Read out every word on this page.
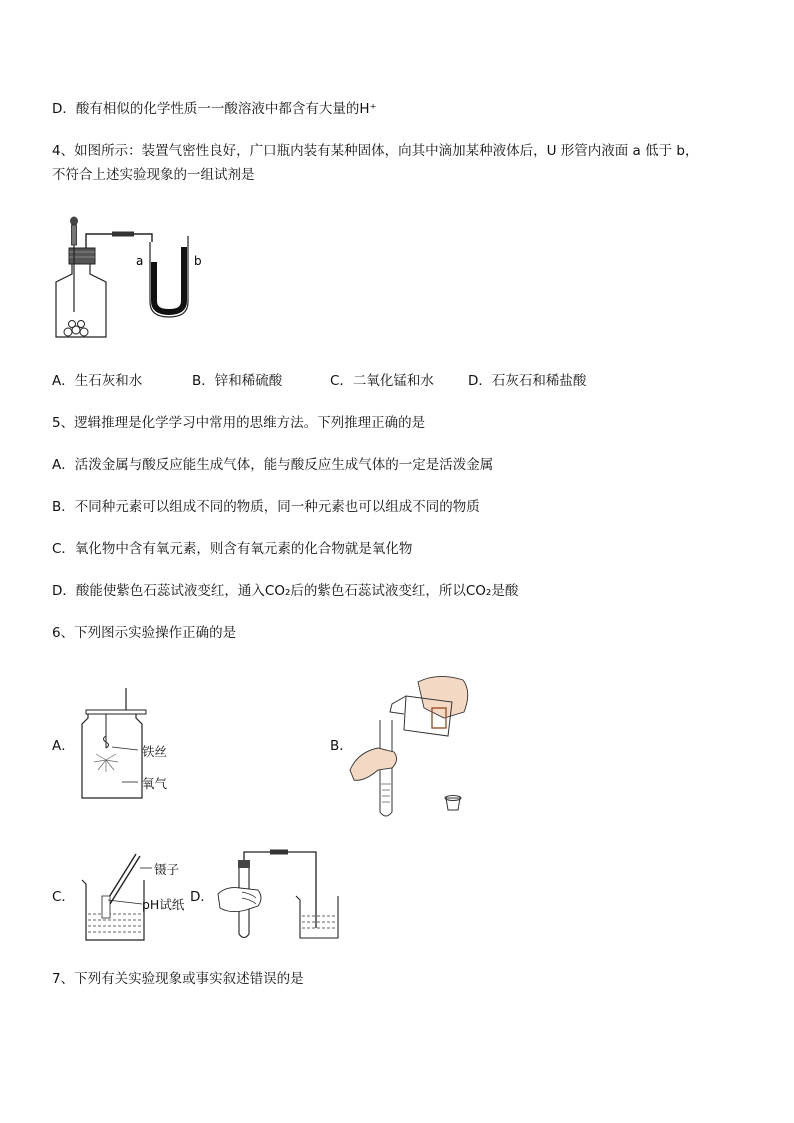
D．酸有相似的化学性质一一酸溶液中都含有大量的H⁺
4、如图所示：装置气密性良好，广口瓶内装有某种固体，向其中滴加某种液体后，U 形管内液面 a 低于 b，
不符合上述实验现象的一组试剂是
a	b
A．生石灰和水	B．锌和稀硫酸	C．二氧化锰和水	D．石灰石和稀盐酸
5、逻辑推理是化学学习中常用的思维方法。下列推理正确的是
A．活泼金属与酸反应能生成气体，能与酸反应生成气体的一定是活泼金属
B．不同种元素可以组成不同的物质，同一种元素也可以组成不同的物质
C．氧化物中含有氧元素，则含有氧元素的化合物就是氧化物
D．酸能使紫色石蕊试液变红，通入CO₂后的紫色石蕊试液变红，所以CO₂是酸
6、下列图示实验操作正确的是
A．	铁丝
氧气
B．
C．
镊子
pH试纸 D．
7、下列有关实验现象或事实叙述错误的是
